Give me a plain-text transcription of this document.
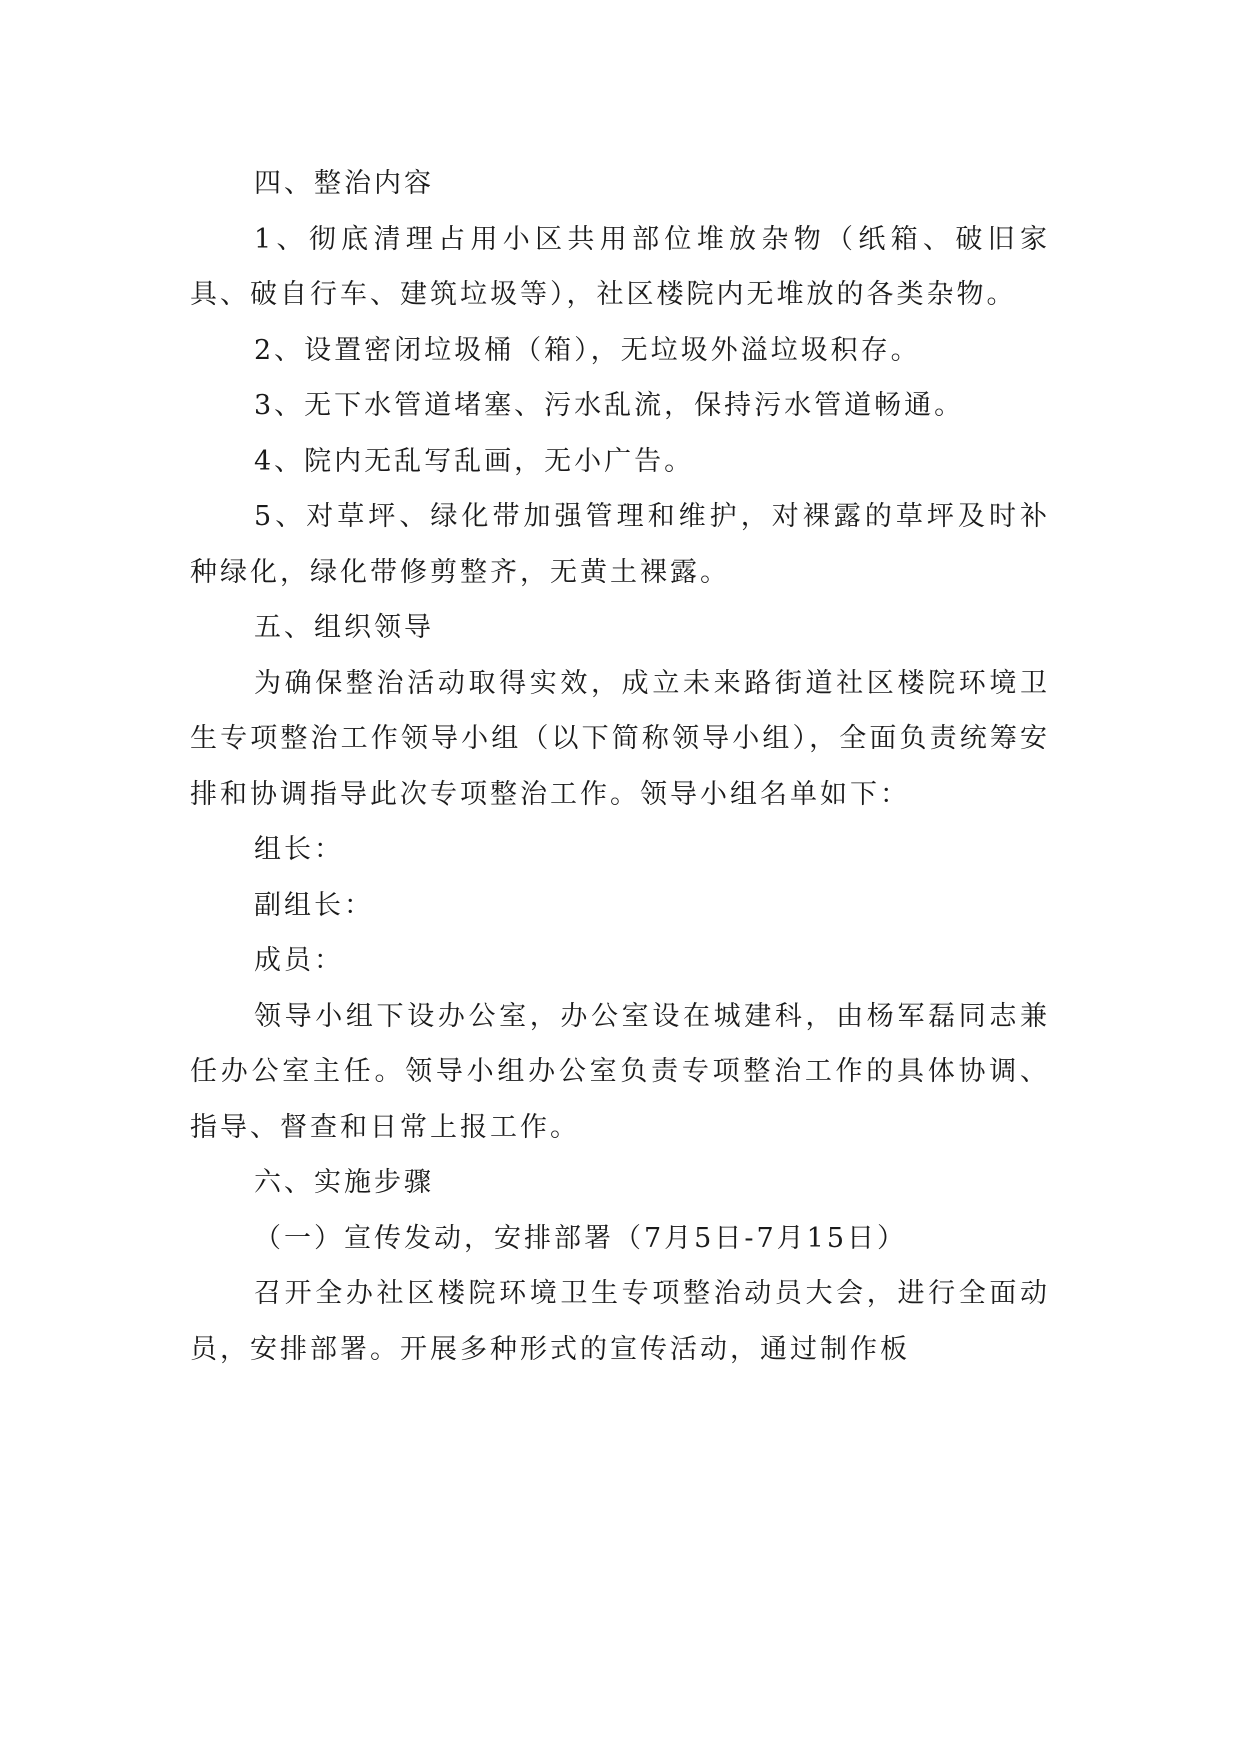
四、整治内容

1、彻底清理占用小区共用部位堆放杂物（纸箱、破旧家具、破自行车、建筑垃圾等），社区楼院内无堆放的各类杂物。

2、设置密闭垃圾桶（箱），无垃圾外溢垃圾积存。

3、无下水管道堵塞、污水乱流，保持污水管道畅通。

4、院内无乱写乱画，无小广告。

5、对草坪、绿化带加强管理和维护，对裸露的草坪及时补种绿化，绿化带修剪整齐，无黄土裸露。

五、组织领导

为确保整治活动取得实效，成立未来路街道社区楼院环境卫生专项整治工作领导小组（以下简称领导小组），全面负责统筹安排和协调指导此次专项整治工作。领导小组名单如下：

组长：

副组长：

成员：

领导小组下设办公室，办公室设在城建科，由杨军磊同志兼任办公室主任。领导小组办公室负责专项整治工作的具体协调、指导、督查和日常上报工作。

六、实施步骤

（一）宣传发动，安排部署（7月5日-7月15日）

召开全办社区楼院环境卫生专项整治动员大会，进行全面动员，安排部署。开展多种形式的宣传活动，通过制作板
